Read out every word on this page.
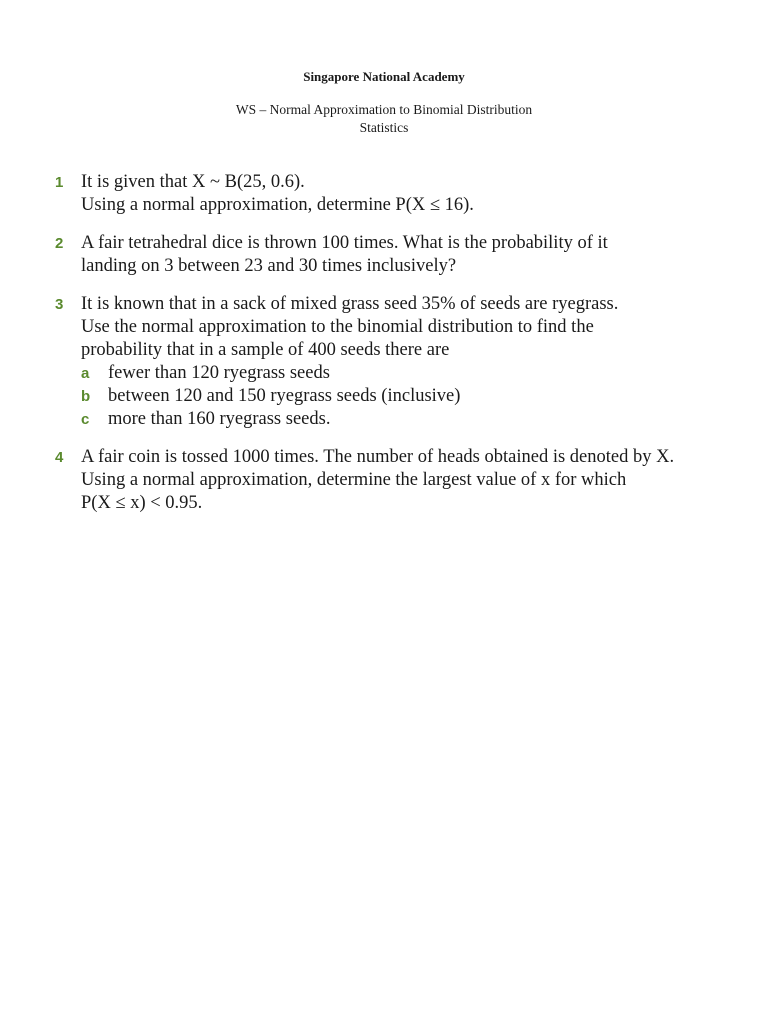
Singapore National Academy
WS – Normal Approximation to Binomial Distribution
Statistics
1 It is given that X ~ B(25, 0.6).
Using a normal approximation, determine P(X ≤ 16).
2 A fair tetrahedral dice is thrown 100 times. What is the probability of it
landing on 3 between 23 and 30 times inclusively?
3 It is known that in a sack of mixed grass seed 35% of seeds are ryegrass.
Use the normal approximation to the binomial distribution to find the
probability that in a sample of 400 seeds there are
a	fewer than 120 ryegrass seeds
b between 120 and 150 ryegrass seeds (inclusive)
c	more than 160 ryegrass seeds.
4 A fair coin is tossed 1000 times. The number of heads obtained is denoted by X.
Using a normal approximation, determine the largest value of x for which
P(X ≤ x) < 0.95.
